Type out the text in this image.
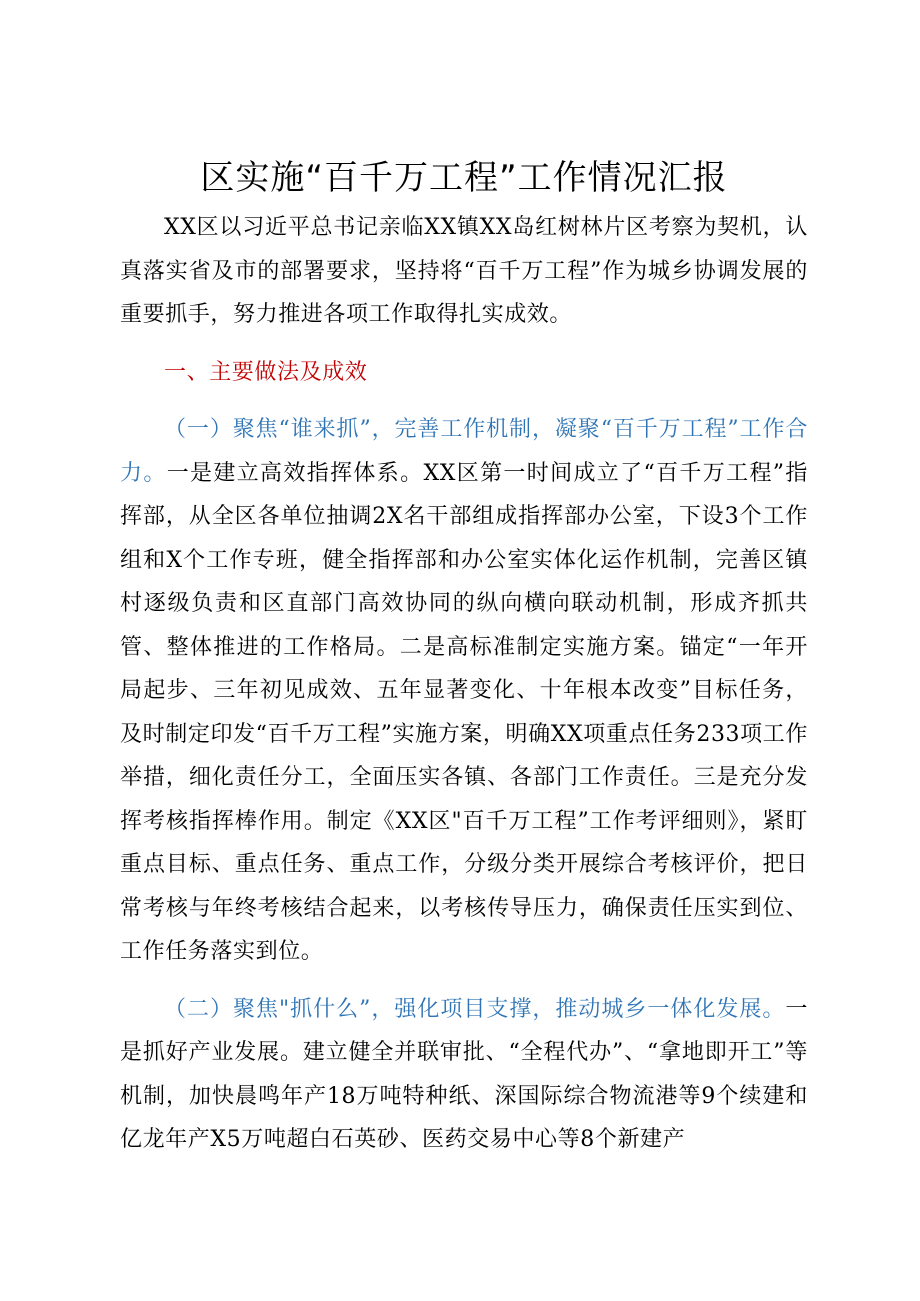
区实施“百千万工程”工作情况汇报

XX区以习近平总书记亲临XX镇XX岛红树林片区考察为契机，认真落实省及市的部署要求，坚持将“百千万工程”作为城乡协调发展的重要抓手，努力推进各项工作取得扎实成效。

一、主要做法及成效

（一）聚焦“谁来抓”，完善工作机制，凝聚“百千万工程”工作合力。一是建立高效指挥体系。XX区第一时间成立了“百千万工程”指挥部，从全区各单位抽调2X名干部组成指挥部办公室，下设3个工作组和X个工作专班，健全指挥部和办公室实体化运作机制，完善区镇村逐级负责和区直部门高效协同的纵向横向联动机制，形成齐抓共管、整体推进的工作格局。二是高标准制定实施方案。锚定“一年开局起步、三年初见成效、五年显著变化、十年根本改变”目标任务，及时制定印发“百千万工程”实施方案，明确XX项重点任务233项工作举措，细化责任分工，全面压实各镇、各部门工作责任。三是充分发挥考核指挥棒作用。制定《XX区"百千万工程”工作考评细则》，紧盯重点目标、重点任务、重点工作，分级分类开展综合考核评价，把日常考核与年终考核结合起来，以考核传导压力，确保责任压实到位、工作任务落实到位。

（二）聚焦"抓什么”，强化项目支撑，推动城乡一体化发展。一是抓好产业发展。建立健全并联审批、“全程代办”、“拿地即开工”等机制，加快晨鸣年产18万吨特种纸、深国际综合物流港等9个续建和亿龙年产X5万吨超白石英砂、医药交易中心等8个新建产
